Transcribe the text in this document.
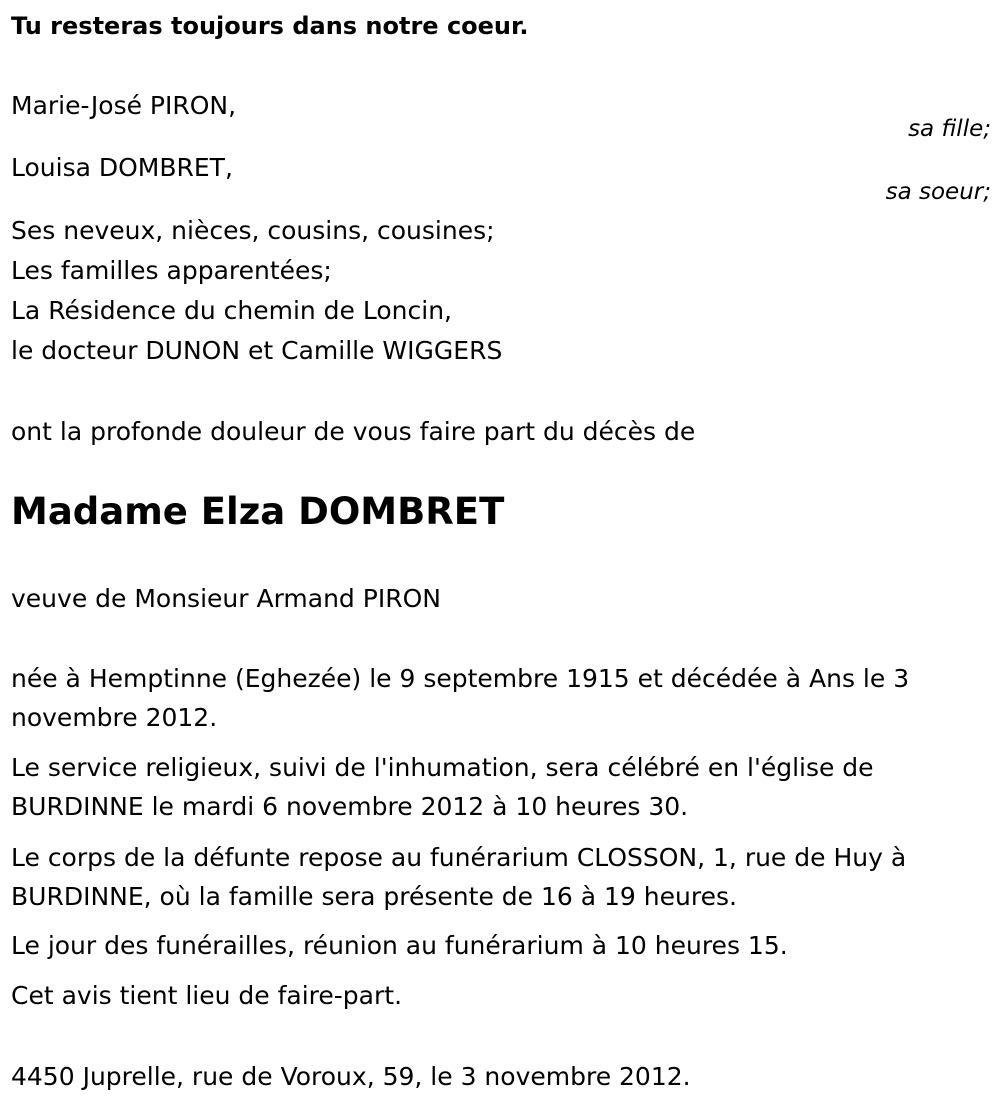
Tu resteras toujours dans notre coeur.
Marie-José PIRON,
sa fille;
Louisa DOMBRET,
sa soeur;
Ses neveux, nièces, cousins, cousines;
Les familles apparentées;
La Résidence du chemin de Loncin,
le docteur DUNON et Camille WIGGERS
ont la profonde douleur de vous faire part du décès de
Madame Elza DOMBRET
veuve de Monsieur Armand PIRON
née à Hemptinne (Eghezée) le 9 septembre 1915 et décédée à Ans le 3
novembre 2012.
Le service religieux, suivi de l'inhumation, sera célébré en l'église de
BURDINNE le mardi 6 novembre 2012 à 10 heures 30.
Le corps de la défunte repose au funérarium CLOSSON, 1, rue de Huy à
BURDINNE, où la famille sera présente de 16 à 19 heures.
Le jour des funérailles, réunion au funérarium à 10 heures 15.
Cet avis tient lieu de faire-part.
4450 Juprelle, rue de Voroux, 59, le 3 novembre 2012.
